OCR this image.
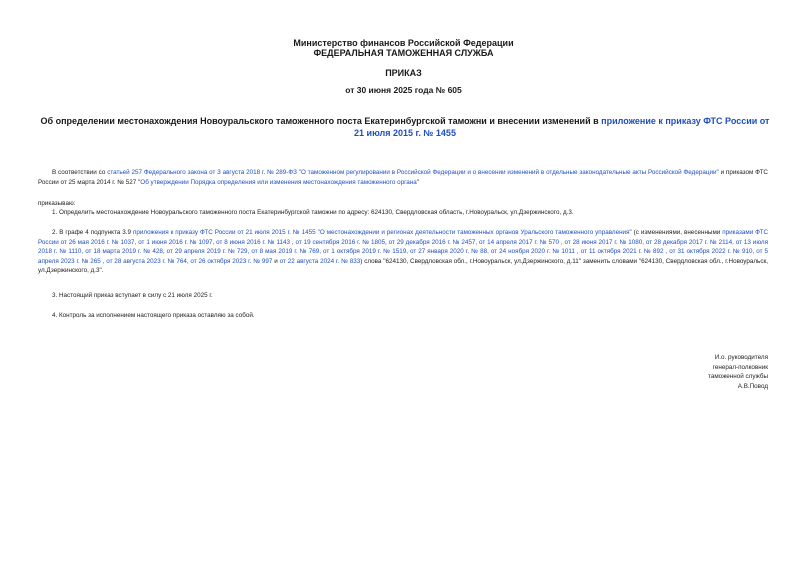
Министерство финансов Российской Федерации
ФЕДЕРАЛЬНАЯ ТАМОЖЕННАЯ СЛУЖБА
ПРИКАЗ
от 30 июня 2025 года № 605
Об определении местонахождения Новоуральского таможенного поста Екатеринбургской таможни и внесении изменений в приложение к приказу ФТС России от 21 июля 2015 г. № 1455
В соответствии со статьей 257 Федерального закона от 3 августа 2018 г. № 289-ФЗ "О таможенном регулировании в Российской Федерации и о внесении изменений в отдельные законодательные акты Российской Федерации" и приказом ФТС России от 25 марта 2014 г. № 527 "Об утверждении Порядка определения или изменения местонахождения таможенного органа"
приказываю:
1. Определить местонахождение Новоуральского таможенного поста Екатеринбургской таможни по адресу: 624130, Свердловская область, г.Новоуральск, ул.Дзержинского, д.3.
2. В графе 4 подпункта 3.9 приложения к приказу ФТС России от 21 июля 2015 г. № 1455 "О местонахождении и регионах деятельности таможенных органов Уральского таможенного управления" (с изменениями, внесенными приказами ФТС России от 26 мая 2016 г. № 1037, от 1 июня 2016 г. № 1097, от 8 июня 2016 г. № 1143 , от 19 сентября 2016 г. № 1805, от 29 декабря 2016 г. № 2457, от 14 апреля 2017 г. № 570 , от 28 июня 2017 г. № 1080, от 28 декабря 2017 г. № 2114, от 13 июля 2018 г. № 1110, от 18 марта 2019 г. № 428, от 29 апреля 2019 г. № 729, от 8 мая 2019 г. № 769, от 1 октября 2019 г. № 1519, от 27 января 2020 г. № 88, от 24 ноября 2020 г. № 1011 , от 11 октября 2021 г. № 892 , от 31 октября 2022 г. № 910, от 5 апреля 2023 г. № 265 , от 28 августа 2023 г. № 764, от 26 октября 2023 г. № 997 и от 22 августа 2024 г. № 833) слова "624130, Свердловская обл., г.Новоуральск, ул.Дзержинского, д.11" заменить словами "624130, Свердловская обл., г.Новоуральск, ул.Дзержинского, д.3".
3. Настоящий приказ вступает в силу с 21 июля 2025 г.
4. Контроль за исполнением настоящего приказа оставляю за собой.
И.о. руководителя
генерал-полковник
таможенной службы
А.В.Повод
